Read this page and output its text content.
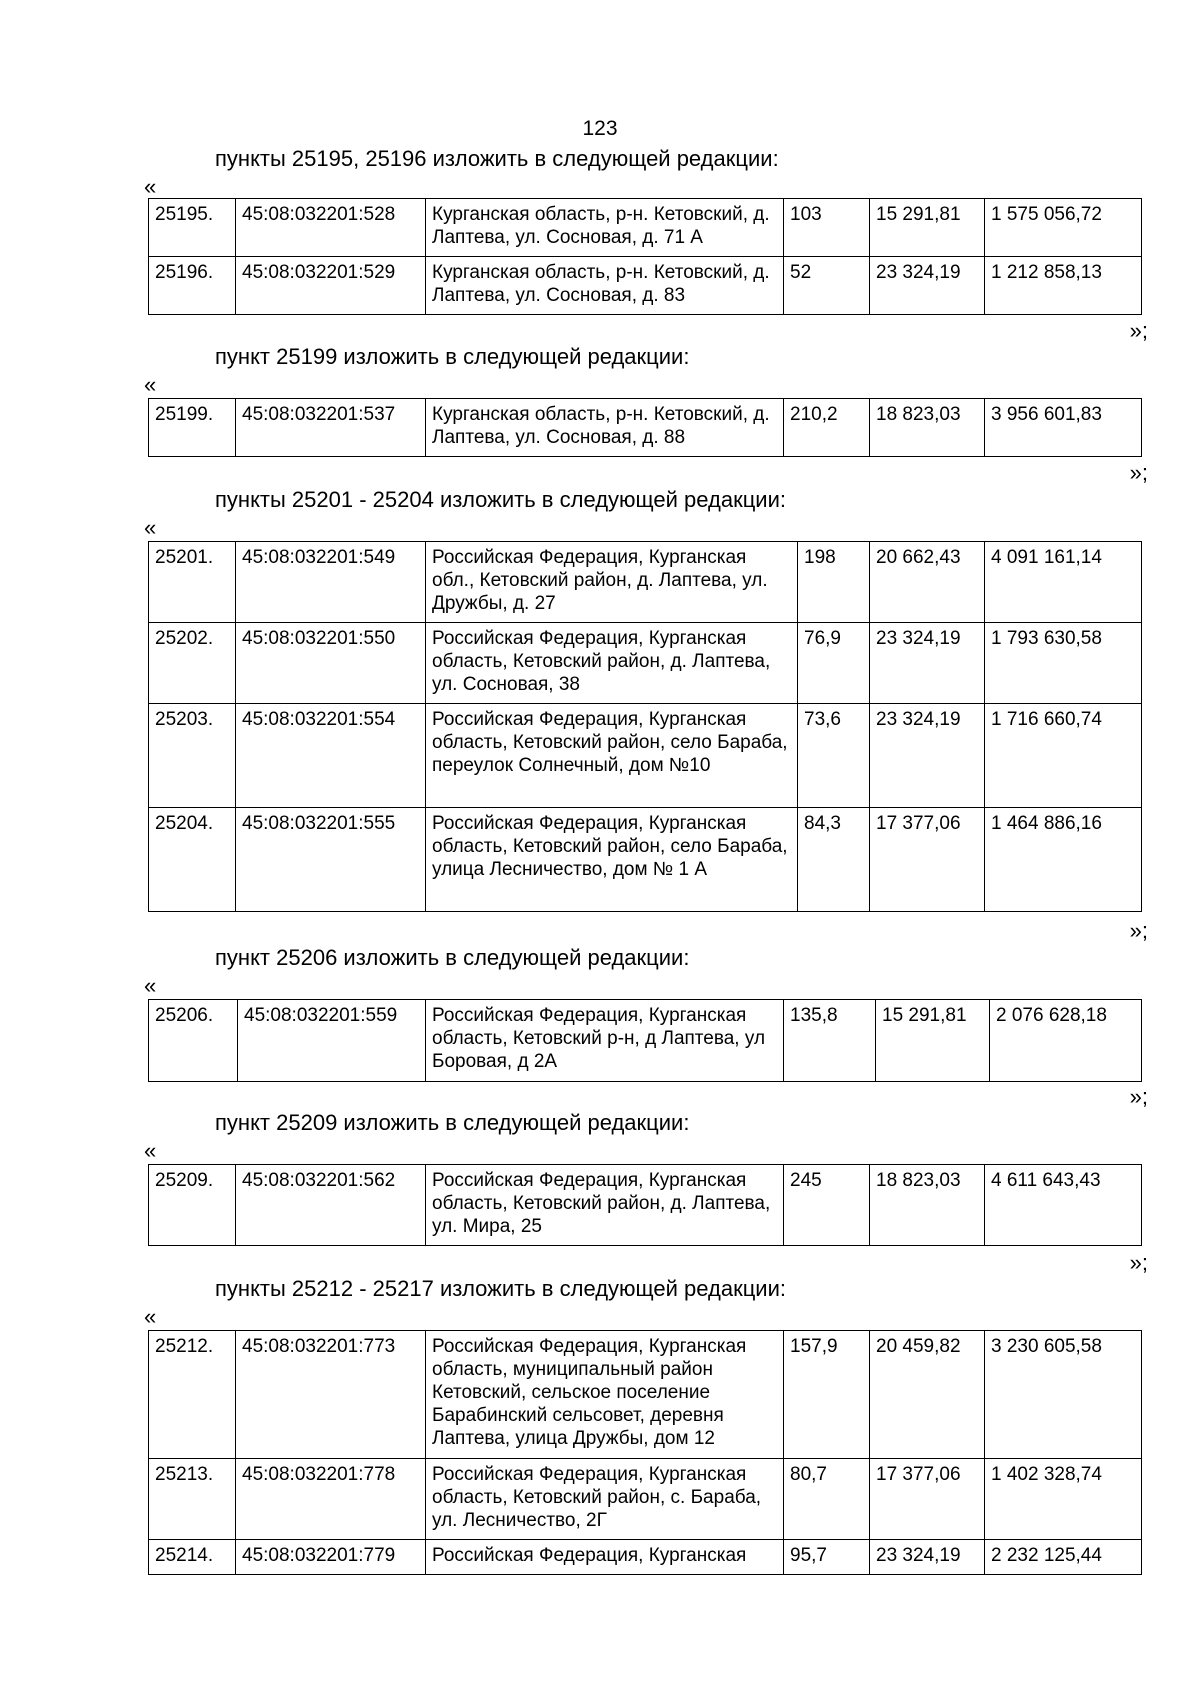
123
пункты 25195, 25196 изложить в следующей редакции:
«
25195.	45:08:032201:528	Курганская область, р-н. Кетовский, д. Лаптева, ул. Сосновая, д. 71 А	103	15 291,81	1 575 056,72
25196.	45:08:032201:529	Курганская область, р-н. Кетовский, д. Лаптева, ул. Сосновая, д. 83	52	23 324,19	1 212 858,13
»;
пункт 25199 изложить в следующей редакции:
«
25199.	45:08:032201:537	Курганская область, р-н. Кетовский, д. Лаптева, ул. Сосновая, д. 88	210,2	18 823,03	3 956 601,83
»;
пункты 25201 - 25204 изложить в следующей редакции:
«
25201.	45:08:032201:549	Российская Федерация, Курганская обл., Кетовский район, д. Лаптева, ул. Дружбы, д. 27	198	20 662,43	4 091 161,14
25202.	45:08:032201:550	Российская Федерация, Курганская область, Кетовский район, д. Лаптева, ул. Сосновая, 38	76,9	23 324,19	1 793 630,58
25203.	45:08:032201:554	Российская Федерация, Курганская область, Кетовский район, село Бараба, переулок Солнечный, дом №10	73,6	23 324,19	1 716 660,74
25204.	45:08:032201:555	Российская Федерация, Курганская область, Кетовский район, село Бараба, улица Лесничество, дом № 1 А	84,3	17 377,06	1 464 886,16
»;
пункт 25206 изложить в следующей редакции:
«
25206.	45:08:032201:559	Российская Федерация, Курганская область, Кетовский р-н, д Лаптева, ул Боровая, д 2А	135,8	15 291,81	2 076 628,18
»;
пункт 25209 изложить в следующей редакции:
«
25209.	45:08:032201:562	Российская Федерация, Курганская область, Кетовский район, д. Лаптева, ул. Мира, 25	245	18 823,03	4 611 643,43
»;
пункты 25212 - 25217 изложить в следующей редакции:
«
25212.	45:08:032201:773	Российская Федерация, Курганская область, муниципальный район Кетовский, сельское поселение Барабинский сельсовет, деревня Лаптева, улица Дружбы, дом 12	157,9	20 459,82	3 230 605,58
25213.	45:08:032201:778	Российская Федерация, Курганская область, Кетовский район, с. Бараба, ул. Лесничество, 2Г	80,7	17 377,06	1 402 328,74
25214.	45:08:032201:779	Российская Федерация, Курганская	95,7	23 324,19	2 232 125,44
